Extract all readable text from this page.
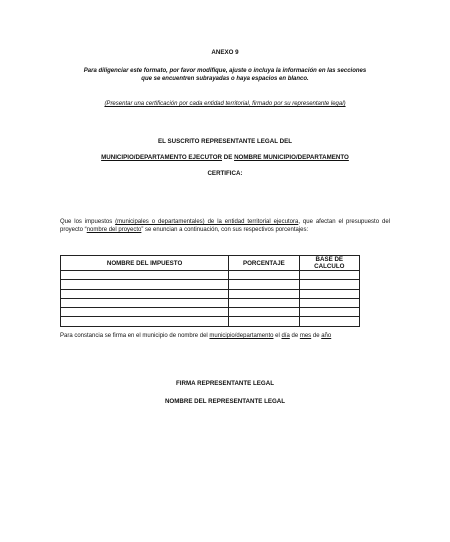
ANEXO 9
Para diligenciar este formato, por favor modifique, ajuste o incluya la información en las secciones
que se encuentren subrayadas o haya espacios en blanco.
(Presentar una certificación por cada entidad territorial, firmado por su representante legal)
EL SUSCRITO REPRESENTANTE LEGAL DEL
MUNICIPIO/DEPARTAMENTO EJECUTOR DE NOMBRE MUNICIPIO/DEPARTAMENTO
CERTIFICA:
Que los impuestos (municipales o departamentales) de la entidad territorial ejecutora, que afectan el presupuesto del proyecto “nombre del proyecto” se enuncian a continuación, con sus respectivos porcentajes:
NOMBRE DEL IMPUESTO	PORCENTAJE	BASE DE CALCULO

Para constancia se firma en el municipio de nombre del municipio/departamento el día de mes de año
FIRMA REPRESENTANTE LEGAL
NOMBRE DEL REPRESENTANTE LEGAL
